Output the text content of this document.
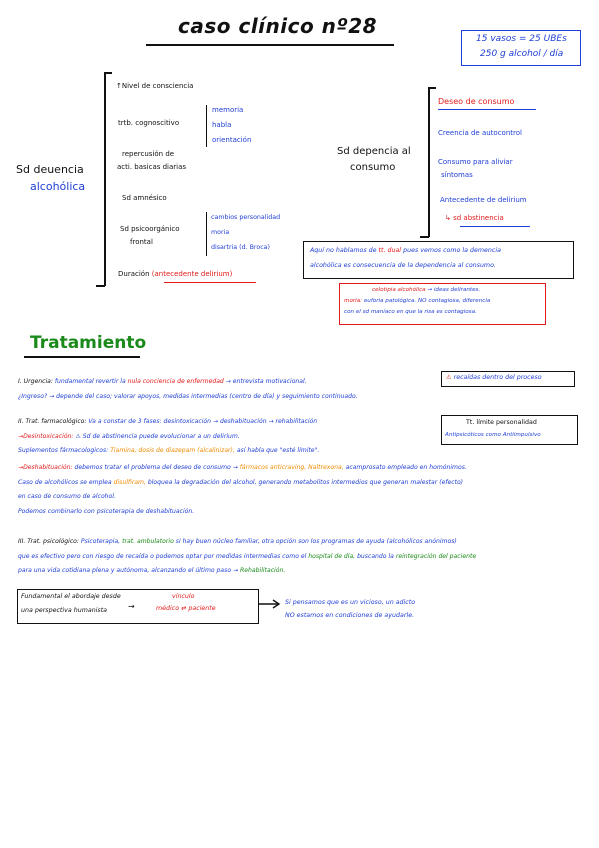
caso clínico nº28
15 vasos = 25 UBEs
250 g alcohol / día
Sd deuencia
alcohólica
↑Nivel de consciencia
trtb. cognoscitivo
memoria
habla
orientación
repercusión de
acti. basicas diarias
Sd amnésico
Sd psicoorgánico
frontal
cambios personalidad
moria
disartria (d. Broca)
Duración (antecedente delirium)
Sd depencia al
consumo
Deseo de consumo
Creencia de autocontrol
Consumo para aliviar
síntomas
Antecedente de delirium
↳ sd abstinencia
Aquí no hablamos de tt. dual pues vemos como la demencia
alcohólica es consecuencia de la dependencia al consumo.
celotipia alcohólica → ideas delirantes.
moria: euforia patológica. NO contagiosa, diferencia
con el sd maníaco en que la risa es contagiosa.
Tratamiento
⚠ recaídas dentro del proceso
I. Urgencia: fundamental revertir la nula conciencia de enfermedad → entrevista motivacional.
¿Ingreso? → depende del caso; valorar apoyos, medidas intermedias (centro de día) y seguimiento continuado.
Tt. límite personalidad
Antipsicóticos como Antiimpulsivo
II. Trat. farmacológico: Va a constar de 3 fases: desintoxicación → deshabituación → rehabilitación
→Desintoxicación: ⚠ Sd de abstinencia puede evolucionar a un delirium.
Suplementos fármacologicos: Tiamina, dosis de diazepam (alcalinizar), así habla que "esté límite".
→Deshabituación: debemos tratar el problema del deseo de consumo → fármacos anticraving, Naltrexona, acamprosato empleado en homónimos.
Caso de alcohólicos se emplea disulfiram, bloquea la degradación del alcohol, generando metabolitos intermedios que generan malestar (efecto)
en caso de consumo de alcohol.
Podemos combinarlo con psicoterapia de deshabituación.
III. Trat. psicológico: Psicoterapia, trat. ambulatorio si hay buen núcleo familiar, otra opción son los programas de ayuda (alcohólicos anónimos)
que es efectivo pero con riesgo de recaída o podemos optar por medidas intermedias como el hospital de día, buscando la reintegración del paciente
para una vida cotidiana plena y autónoma, alcanzando el último paso → Rehabilitación.
Fundamental el abordaje desde
una perspectiva humanista	→
vínculo
médico ⇄ paciente
Si pensamos que es un vicioso, un adicto
NO estamos en condiciones de ayudarle.
